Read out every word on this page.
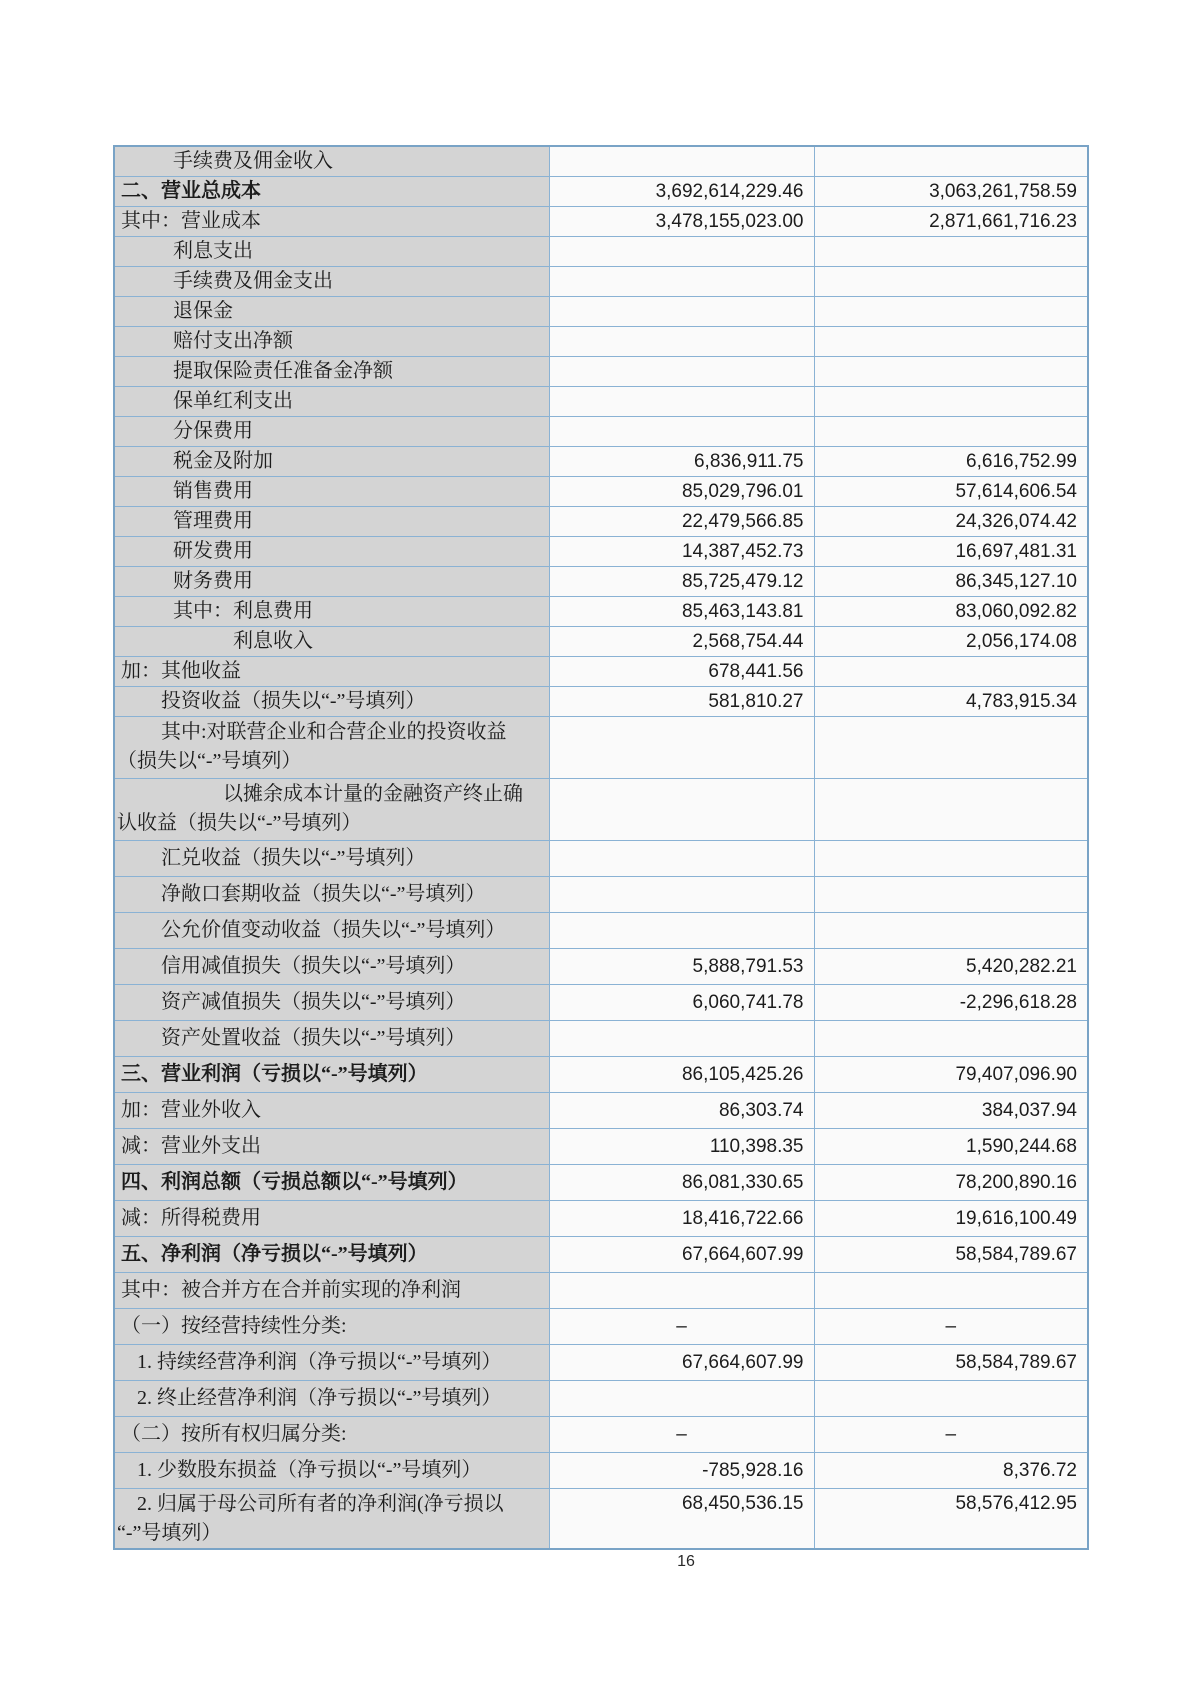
手续费及佣金收入		
二、营业总成本	3,692,614,229.46	3,063,261,758.59
其中：营业成本	3,478,155,023.00	2,871,661,716.23
利息支出		
手续费及佣金支出		
退保金		
赔付支出净额		
提取保险责任准备金净额		
保单红利支出		
分保费用		
税金及附加	6,836,911.75	6,616,752.99
销售费用	85,029,796.01	57,614,606.54
管理费用	22,479,566.85	24,326,074.42
研发费用	14,387,452.73	16,697,481.31
财务费用	85,725,479.12	86,345,127.10
其中：利息费用	85,463,143.81	83,060,092.82
利息收入	2,568,754.44	2,056,174.08
加：其他收益	678,441.56	
投资收益（损失以“-”号填列）	581,810.27	4,783,915.34
其中:对联营企业和合营企业的投资收益
（损失以“-”号填列）		
以摊余成本计量的金融资产终止确
认收益（损失以“-”号填列）		
汇兑收益（损失以“-”号填列）		
净敞口套期收益（损失以“-”号填列）		
公允价值变动收益（损失以“-”号填列）		
信用减值损失（损失以“-”号填列）	5,888,791.53	5,420,282.21
资产减值损失（损失以“-”号填列）	6,060,741.78	-2,296,618.28
资产处置收益（损失以“-”号填列）		
三、营业利润（亏损以“-”号填列）	86,105,425.26	79,407,096.90
加：营业外收入	86,303.74	384,037.94
减：营业外支出	110,398.35	1,590,244.68
四、利润总额（亏损总额以“-”号填列）	86,081,330.65	78,200,890.16
减：所得税费用	18,416,722.66	19,616,100.49
五、净利润（净亏损以“-”号填列）	67,664,607.99	58,584,789.67
其中：被合并方在合并前实现的净利润		
（一）按经营持续性分类:	–	–
1. 持续经营净利润（净亏损以“-”号填列）	67,664,607.99	58,584,789.67
2. 终止经营净利润（净亏损以“-”号填列）		
（二）按所有权归属分类:	–	–
1. 少数股东损益（净亏损以“-”号填列）	-785,928.16	8,376.72
2. 归属于母公司所有者的净利润(净亏损以
“-”号填列）	68,450,536.15	58,576,412.95
16
